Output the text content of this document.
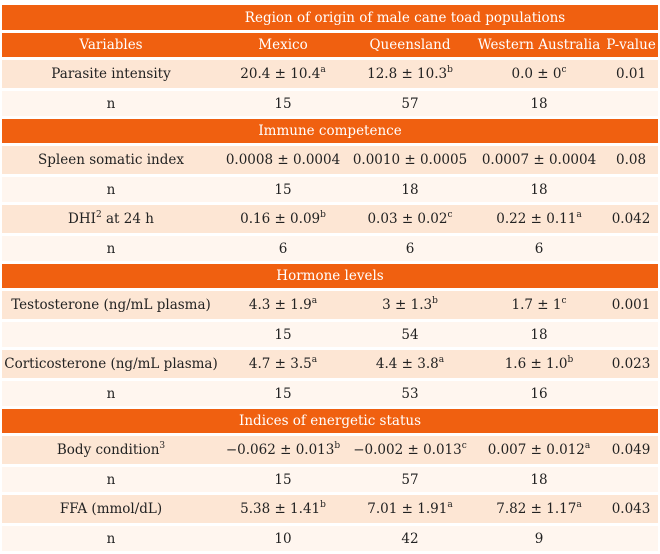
Region of origin of male cane toad populations				
Variables	Mexico	Queensland	Western Australia	P-value
Parasite intensity	20.4 ± 10.4$^a$	12.8 ± 10.3$^b$	$0.0 \pm 0^c$	0.01
n	15	57	18	
Immune competence				
Spleen somatic index	0.0008 ± 0.0004	0.0010 ± 0.0005	0.0007 ± 0.0004	0.08
n	15	18	18	
DHI$^2$ at 24 h	0.16 ± 0.09$^b$	0.03 ± 0.02$^c$	0.22 ± 0.11$^a$	0.042
n	6	6	6	
Hormone levels				
Testosterone (ng/mL plasma)	4.3 ± 1.9$^a$	3 ± 1.3$^b$	$1.7 \pm 1^c$	0.001
	15	54	18	
Corticosterone (ng/mL plasma)	4.7 ± 3.5$^a$	4.4 ± 3.8$^a$	1.6 ± 1.0$^b$	0.023
n	15	53	16	
Indices of energetic status				
Body condition$^3$	−0.062 ± 0.013$^b$	−0.002 ± 0.013$^c$	0.007 ± 0.012$^a$	0.049
n	15	57	18	
FFA (mmol/dL)	5.38 ± 1.41$^b$	7.01 ± 1.91$^a$	7.82 ± 1.17$^a$	0.043
n	10	42	9	
